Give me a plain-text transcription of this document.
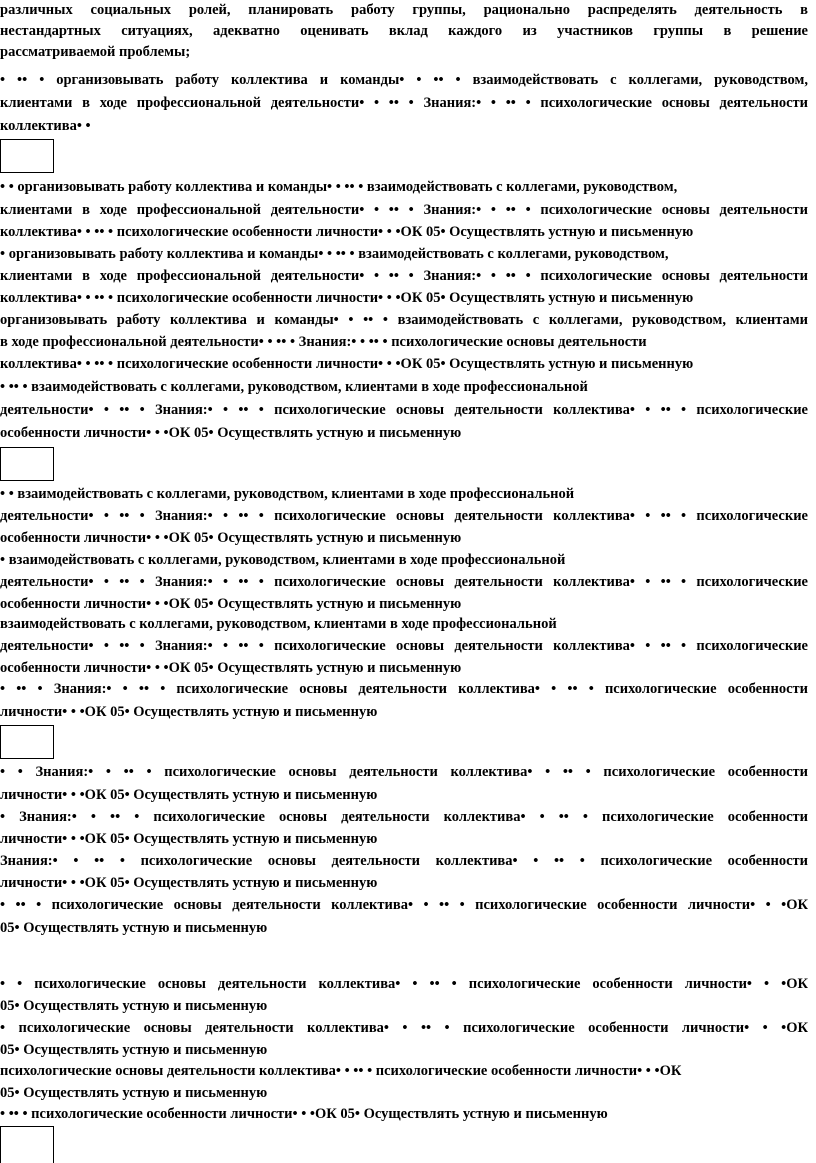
различных социальных ролей, планировать работу группы, рационально распределять деятельность в
нестандартных ситуациях, адекватно оценивать вклад каждого из участников группы в решение
рассматриваемой проблемы;
• •• • организовывать работу коллектива и команды• • •• • взаимодействовать с коллегами, руководством,
клиентами в ходе профессиональной деятельности• • •• • Знания:• • •• • психологические основы деятельности
коллектива• •
• • организовывать работу коллектива и команды• • •• • взаимодействовать с коллегами, руководством,
клиентами в ходе профессиональной деятельности• • •• • Знания:• • •• • психологические основы деятельности
коллектива• • •• • психологические особенности личности• • •ОК 05• Осуществлять устную и письменную
• организовывать работу коллектива и команды• • •• • взаимодействовать с коллегами, руководством,
клиентами в ходе профессиональной деятельности• • •• • Знания:• • •• • психологические основы деятельности
коллектива• • •• • психологические особенности личности• • •ОК 05• Осуществлять устную и письменную
организовывать работу коллектива и команды• • •• • взаимодействовать с коллегами, руководством, клиентами
в ходе профессиональной деятельности• • •• • Знания:• • •• • психологические основы деятельности
коллектива• • •• • психологические особенности личности• • •ОК 05• Осуществлять устную и письменную
• •• • взаимодействовать с коллегами, руководством, клиентами в ходе профессиональной
деятельности• • •• • Знания:• • •• • психологические основы деятельности коллектива• • •• • психологические
особенности личности• • •ОК 05• Осуществлять устную и письменную
• • взаимодействовать с коллегами, руководством, клиентами в ходе профессиональной
деятельности• • •• • Знания:• • •• • психологические основы деятельности коллектива• • •• • психологические
особенности личности• • •ОК 05• Осуществлять устную и письменную
• взаимодействовать с коллегами, руководством, клиентами в ходе профессиональной
деятельности• • •• • Знания:• • •• • психологические основы деятельности коллектива• • •• • психологические
особенности личности• • •ОК 05• Осуществлять устную и письменную
взаимодействовать с коллегами, руководством, клиентами в ходе профессиональной
деятельности• • •• • Знания:• • •• • психологические основы деятельности коллектива• • •• • психологические
особенности личности• • •ОК 05• Осуществлять устную и письменную
• •• • Знания:• • •• • психологические основы деятельности коллектива• • •• • психологические особенности
личности• • •ОК 05• Осуществлять устную и письменную
• • Знания:• • •• • психологические основы деятельности коллектива• • •• • психологические особенности
личности• • •ОК 05• Осуществлять устную и письменную
• Знания:• • •• • психологические основы деятельности коллектива• • •• • психологические особенности
личности• • •ОК 05• Осуществлять устную и письменную
Знания:• • •• • психологические основы деятельности коллектива• • •• • психологические особенности
личности• • •ОК 05• Осуществлять устную и письменную
• •• • психологические основы деятельности коллектива• • •• • психологические особенности личности• • •ОК
05• Осуществлять устную и письменную
• • психологические основы деятельности коллектива• • •• • психологические особенности личности• • •ОК
05• Осуществлять устную и письменную
• психологические основы деятельности коллектива• • •• • психологические особенности личности• • •ОК
05• Осуществлять устную и письменную
психологические основы деятельности коллектива• • •• • психологические особенности личности• • •ОК
05• Осуществлять устную и письменную
• •• • психологические особенности личности• • •ОК 05• Осуществлять устную и письменную
